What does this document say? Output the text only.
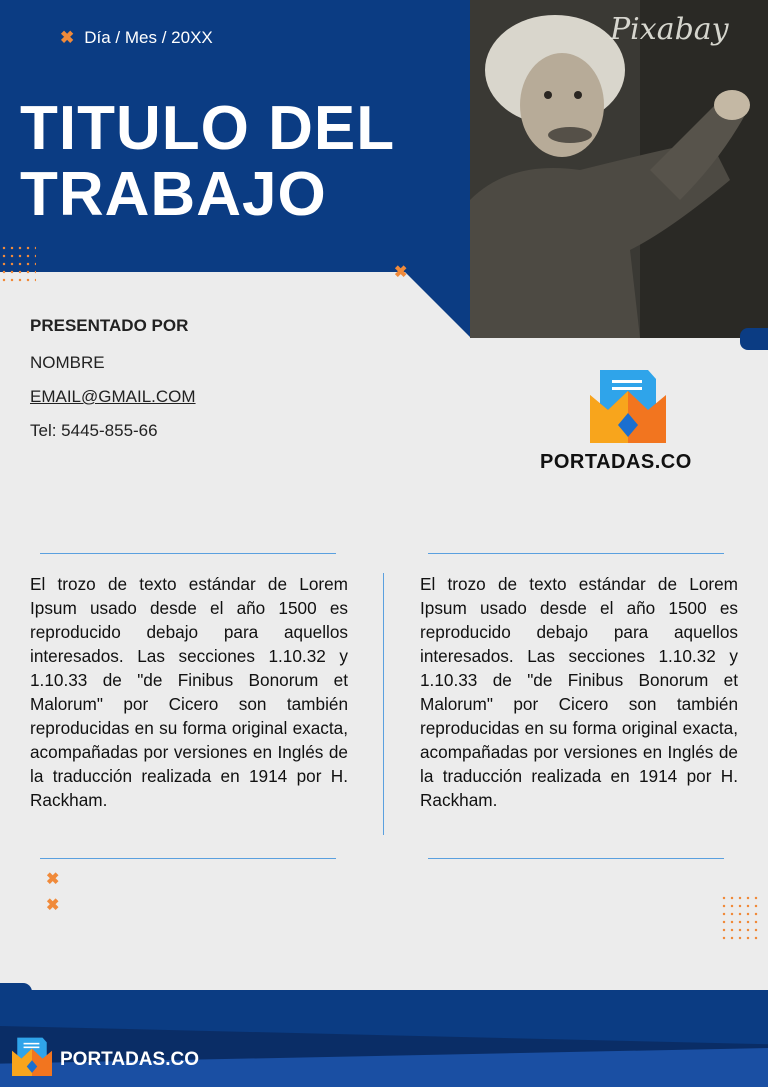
✖ Día / Mes / 20XX
TITULO DEL
TRABAJO
✖
Pixabay
PRESENTADO POR
NOMBRE
EMAIL@GMAIL.COM
Tel: 5445-855-66
PORTADAS.CO
El trozo de texto estándar de Lorem Ipsum usado desde el año 1500 es reproducido debajo para aquellos interesados. Las secciones 1.10.32 y 1.10.33 de "de Finibus Bonorum et Malorum" por Cicero son también reproducidas en su forma original exacta, acompañadas por versiones en Inglés de la traducción realizada en 1914 por H. Rackham.
El trozo de texto estándar de Lorem Ipsum usado desde el año 1500 es reproducido debajo para aquellos interesados. Las secciones 1.10.32 y 1.10.33 de "de Finibus Bonorum et Malorum" por Cicero son también reproducidas en su forma original exacta, acompañadas por versiones en Inglés de la traducción realizada en 1914 por H. Rackham.
✖
✖
PORTADAS.CO
